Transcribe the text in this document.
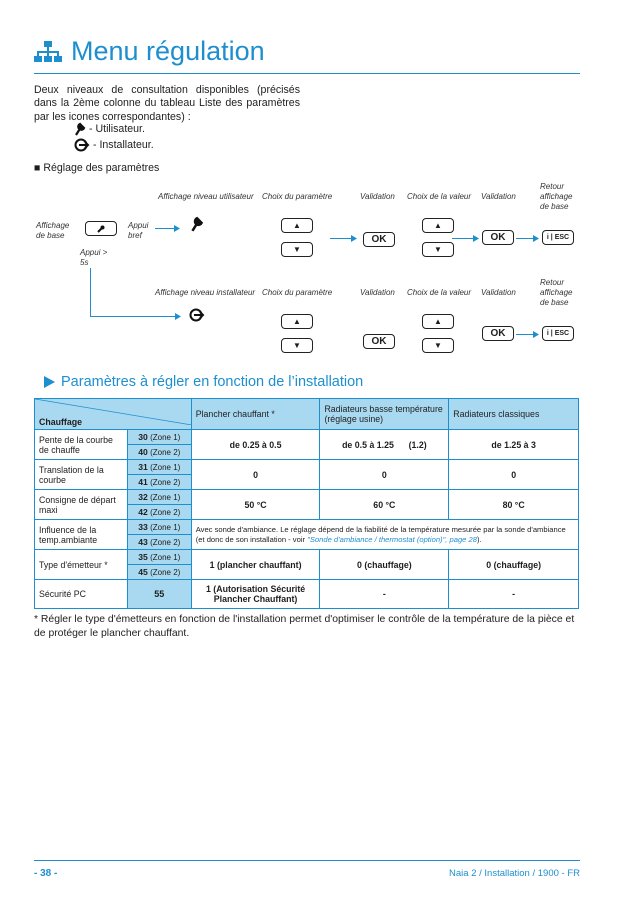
Menu régulation
Deux niveaux de consultation disponibles (précisés dans la 2ème colonne du tableau Liste des paramètres par les icones correspondantes) :
- Utilisateur.
- Installateur.
■ Réglage des paramètres
Affichage niveau utilisateur Choix du paramètre	Validation Choix de la valeur Validation
Retour affichage de base
Affichage de base
Appui bref
Appui > 5s
▲
▼
OK
▲
▼
OK	i | ESC
Affichage niveau installateur Choix du paramètre	Validation Choix de la valeur Validation
Retour affichage de base
▲
▼	OK
▲
▼
OK	i | ESC
Paramètres à régler en fonction de l’installation
Chauffage		Plancher chauffant *	Radiateurs basse température (réglage usine)	Radiateurs classiques
Pente de la courbe de chauffe	30 (Zone 1)	de 0.25 à 0.5	de 0.5 à 1.25      (1.2)	de 1.25 à 3
	40 (Zone 2)			
Translation de la courbe	31 (Zone 1)	0	0	0
	41 (Zone 2)			
Consigne de départ maxi	32 (Zone 1)	50 °C	60 °C	80 °C
	42 (Zone 2)			
Influence de la temp.ambiante	33 (Zone 1)	Avec sonde d'ambiance. Le réglage dépend de la fiabilité de la température mesurée par la sonde d'ambiance (et donc de son installation - voir "Sonde d'ambiance / thermostat (option)", page 28).		
	43 (Zone 2)			
Type d'émetteur *	35 (Zone 1)	1 (plancher chauffant)	0 (chauffage)	0 (chauffage)
	45 (Zone 2)			
Sécurité PC	55	1 (Autorisation Sécurité Plancher Chauffant)	-	-
* Régler le type d'émetteurs en fonction de l'installation permet d'optimiser le contrôle de la température de la pièce et de protéger le plancher chauffant.
- 38 -	Naia 2 / Installation / 1900 - FR
